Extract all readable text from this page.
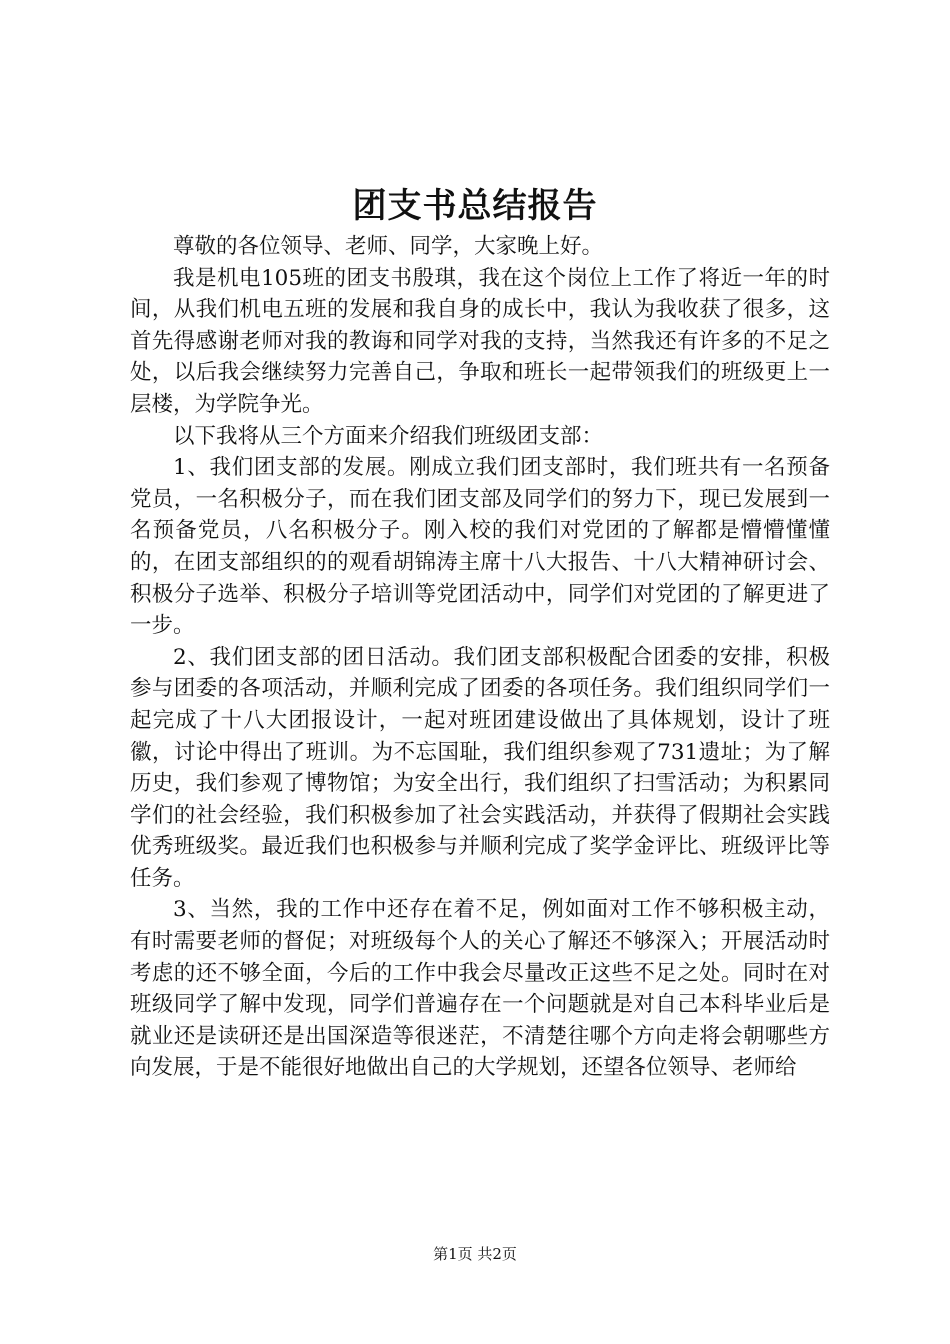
团支书总结报告

尊敬的各位领导、老师、同学，大家晚上好。

我是机电105班的团支书殷琪，我在这个岗位上工作了将近一年的时间，从我们机电五班的发展和我自身的成长中，我认为我收获了很多，这首先得感谢老师对我的教诲和同学对我的支持，当然我还有许多的不足之处，以后我会继续努力完善自己，争取和班长一起带领我们的班级更上一层楼，为学院争光。

以下我将从三个方面来介绍我们班级团支部：

1、我们团支部的发展。刚成立我们团支部时，我们班共有一名预备党员，一名积极分子，而在我们团支部及同学们的努力下，现已发展到一名预备党员，八名积极分子。刚入校的我们对党团的了解都是懵懵懂懂的，在团支部组织的的观看胡锦涛主席十八大报告、十八大精神研讨会、积极分子选举、积极分子培训等党团活动中，同学们对党团的了解更进了一步。

2、我们团支部的团日活动。我们团支部积极配合团委的安排，积极参与团委的各项活动，并顺利完成了团委的各项任务。我们组织同学们一起完成了十八大团报设计，一起对班团建设做出了具体规划，设计了班徽，讨论中得出了班训。为不忘国耻，我们组织参观了731遗址；为了解历史，我们参观了博物馆；为安全出行，我们组织了扫雪活动；为积累同学们的社会经验，我们积极参加了社会实践活动，并获得了假期社会实践优秀班级奖。最近我们也积极参与并顺利完成了奖学金评比、班级评比等任务。

3、当然，我的工作中还存在着不足，例如面对工作不够积极主动，有时需要老师的督促；对班级每个人的关心了解还不够深入；开展活动时考虑的还不够全面，今后的工作中我会尽量改正这些不足之处。同时在对班级同学了解中发现，同学们普遍存在一个问题就是对自己本科毕业后是就业还是读研还是出国深造等很迷茫，不清楚往哪个方向走将会朝哪些方向发展，于是不能很好地做出自己的大学规划，还望各位领导、老师给

第1页 共2页
